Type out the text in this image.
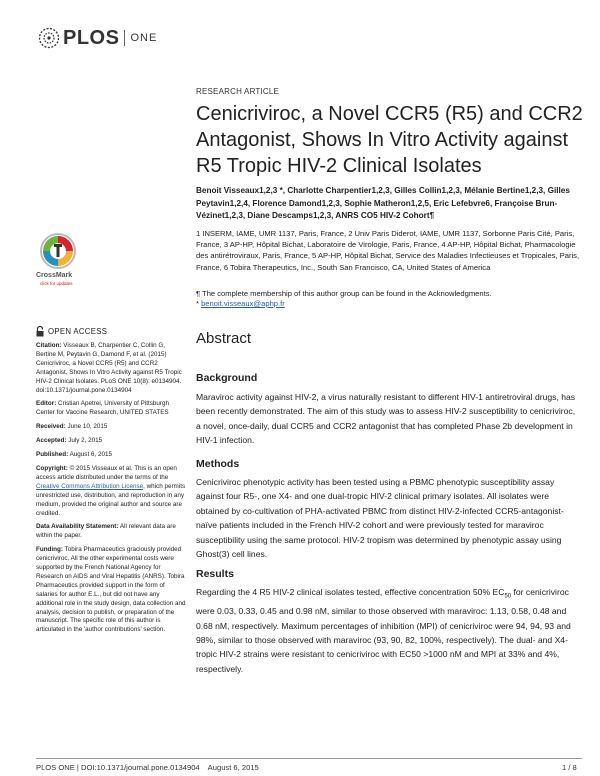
PLOS ONE
CrossMark
click for updates
OPEN ACCESS

Citation: Visseaux B, Charpentier C, Collin G, Bertine M, Peytavin G, Damond F, et al. (2015) Cenicriviroc, a Novel CCR5 (R5) and CCR2 Antagonist, Shows In Vitro Activity against R5 Tropic HIV-2 Clinical Isolates. PLoS ONE 10(8): e0134904. doi:10.1371/journal.pone.0134904

Editor: Cristian Apetrei, University of Pittsburgh Center for Vaccine Research, UNITED STATES

Received: June 10, 2015

Accepted: July 2, 2015

Published: August 6, 2015

Copyright: © 2015 Visseaux et al. This is an open access article distributed under the terms of the Creative Commons Attribution License, which permits unrestricted use, distribution, and reproduction in any medium, provided the original author and source are credited.

Data Availability Statement: All relevant data are within the paper.

Funding: Tobira Pharmaceutics graciously provided cenicriviroc. All the other experimental costs were supported by the French National Agency for Research on AIDS and Viral Hepatitis (ANRS). Tobira Pharmaceutics provided support in the form of salaries for author E.L., but did not have any additional role in the study design, data collection and analysis, decision to publish, or preparation of the manuscript. The specific role of this author is articulated in the 'author contributions' section.

RESEARCH ARTICLE
Cenicriviroc, a Novel CCR5 (R5) and CCR2 Antagonist, Shows In Vitro Activity against R5 Tropic HIV-2 Clinical Isolates
Benoit Visseaux1,2,3 *, Charlotte Charpentier1,2,3, Gilles Collin1,2,3, Mélanie Bertine1,2,3, Gilles Peytavin1,2,4, Florence Damond1,2,3, Sophie Matheron1,2,5, Eric Lefebvre6, Françoise Brun-Vézinet1,2,3, Diane Descamps1,2,3, ANRS CO5 HIV-2 Cohort¶
1 INSERM, IAME, UMR 1137, Paris, France, 2 Univ Paris Diderot, IAME, UMR 1137, Sorbonne Paris Cité, Paris, France, 3 AP-HP, Hôpital Bichat, Laboratoire de Virologie, Paris, France, 4 AP-HP, Hôpital Bichat, Pharmacologie des antirétroviraux, Paris, France, 5 AP-HP, Hôpital Bichat, Service des Maladies Infectieuses et Tropicales, Paris, France, 6 Tobira Therapeutics, Inc., South San Francisco, CA, United States of America
¶ The complete membership of this author group can be found in the Acknowledgments.
* benoit.visseaux@aphp.fr
Abstract
Background
Maraviroc activity against HIV-2, a virus naturally resistant to different HIV-1 antiretroviral drugs, has been recently demonstrated. The aim of this study was to assess HIV-2 susceptibility to cenicriviroc, a novel, once-daily, dual CCR5 and CCR2 antagonist that has completed Phase 2b development in HIV-1 infection.
Methods
Cenicriviroc phenotypic activity has been tested using a PBMC phenotypic susceptibility assay against four R5-, one X4- and one dual-tropic HIV-2 clinical primary isolates. All isolates were obtained by co-cultivation of PHA-activated PBMC from distinct HIV-2-infected CCR5-antagonist-naïve patients included in the French HIV-2 cohort and were previously tested for maraviroc susceptibility using the same protocol. HIV-2 tropism was determined by phenotypic assay using Ghost(3) cell lines.
Results
Regarding the 4 R5 HIV-2 clinical isolates tested, effective concentration 50% $EC_{50}$ for cenicriviroc were 0.03, 0.33, 0.45 and 0.98 nM, similar to those observed with maraviroc: 1.13, 0.58, 0.48 and 0.68 nM, respectively. Maximum percentages of inhibition (MPI) of cenicriviroc were 94, 94, 93 and 98%, similar to those observed with maraviroc (93, 90, 82, 100%, respectively). The dual- and X4-tropic HIV-2 strains were resistant to cenicriviroc with EC50 >1000 nM and MPI at 33% and 4%, respectively.
PLOS ONE | DOI:10.1371/journal.pone.0134904    August 6, 2015	1 / 8
